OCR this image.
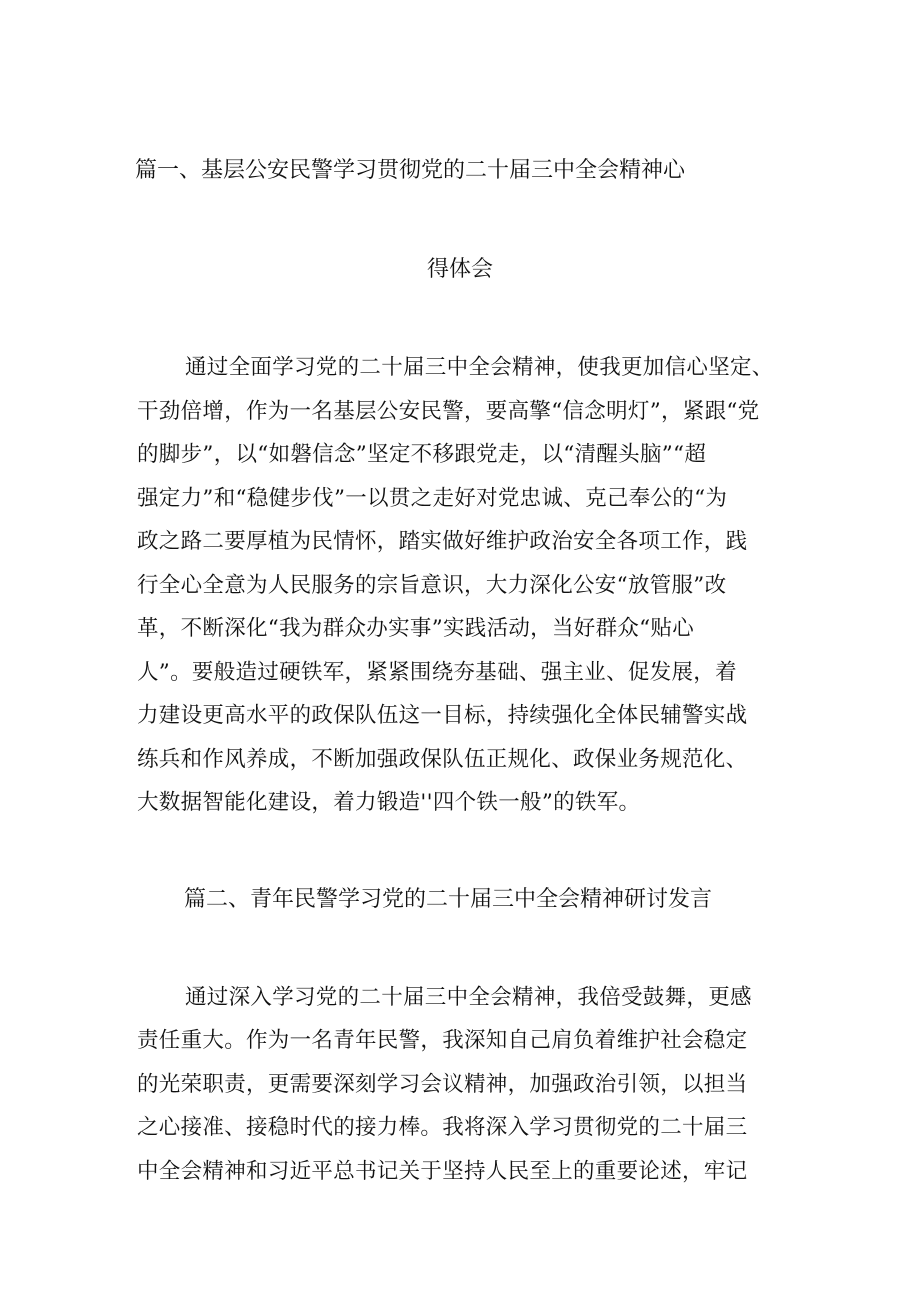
篇一、基层公安民警学习贯彻党的二十届三中全会精神心
得体会
通过全面学习党的二十届三中全会精神，使我更加信心坚定、
干劲倍增，作为一名基层公安民警，要高擎“信念明灯”，紧跟“党
的脚步”，以“如磐信念”坚定不移跟党走，以“清醒头脑”“超
强定力”和“稳健步伐”一以贯之走好对党忠诚、克己奉公的“为
政之路二要厚植为民情怀，踏实做好维护政治安全各项工作，践
行全心全意为人民服务的宗旨意识，大力深化公安“放管服”改
革，不断深化“我为群众办实事”实践活动，当好群众“贴心
人”。要般造过硬铁军，紧紧围绕夯基础、强主业、促发展，着
力建设更高水平的政保队伍这一目标，持续强化全体民辅警实战
练兵和作风养成，不断加强政保队伍正规化、政保业务规范化、
大数据智能化建设，着力锻造''四个铁一般”的铁军。
篇二、青年民警学习党的二十届三中全会精神研讨发言
通过深入学习党的二十届三中全会精神，我倍受鼓舞，更感
责任重大。作为一名青年民警，我深知自己肩负着维护社会稳定
的光荣职责，更需要深刻学习会议精神，加强政治引领，以担当
之心接准、接稳时代的接力棒。我将深入学习贯彻党的二十届三
中全会精神和习近平总书记关于坚持人民至上的重要论述，牢记
